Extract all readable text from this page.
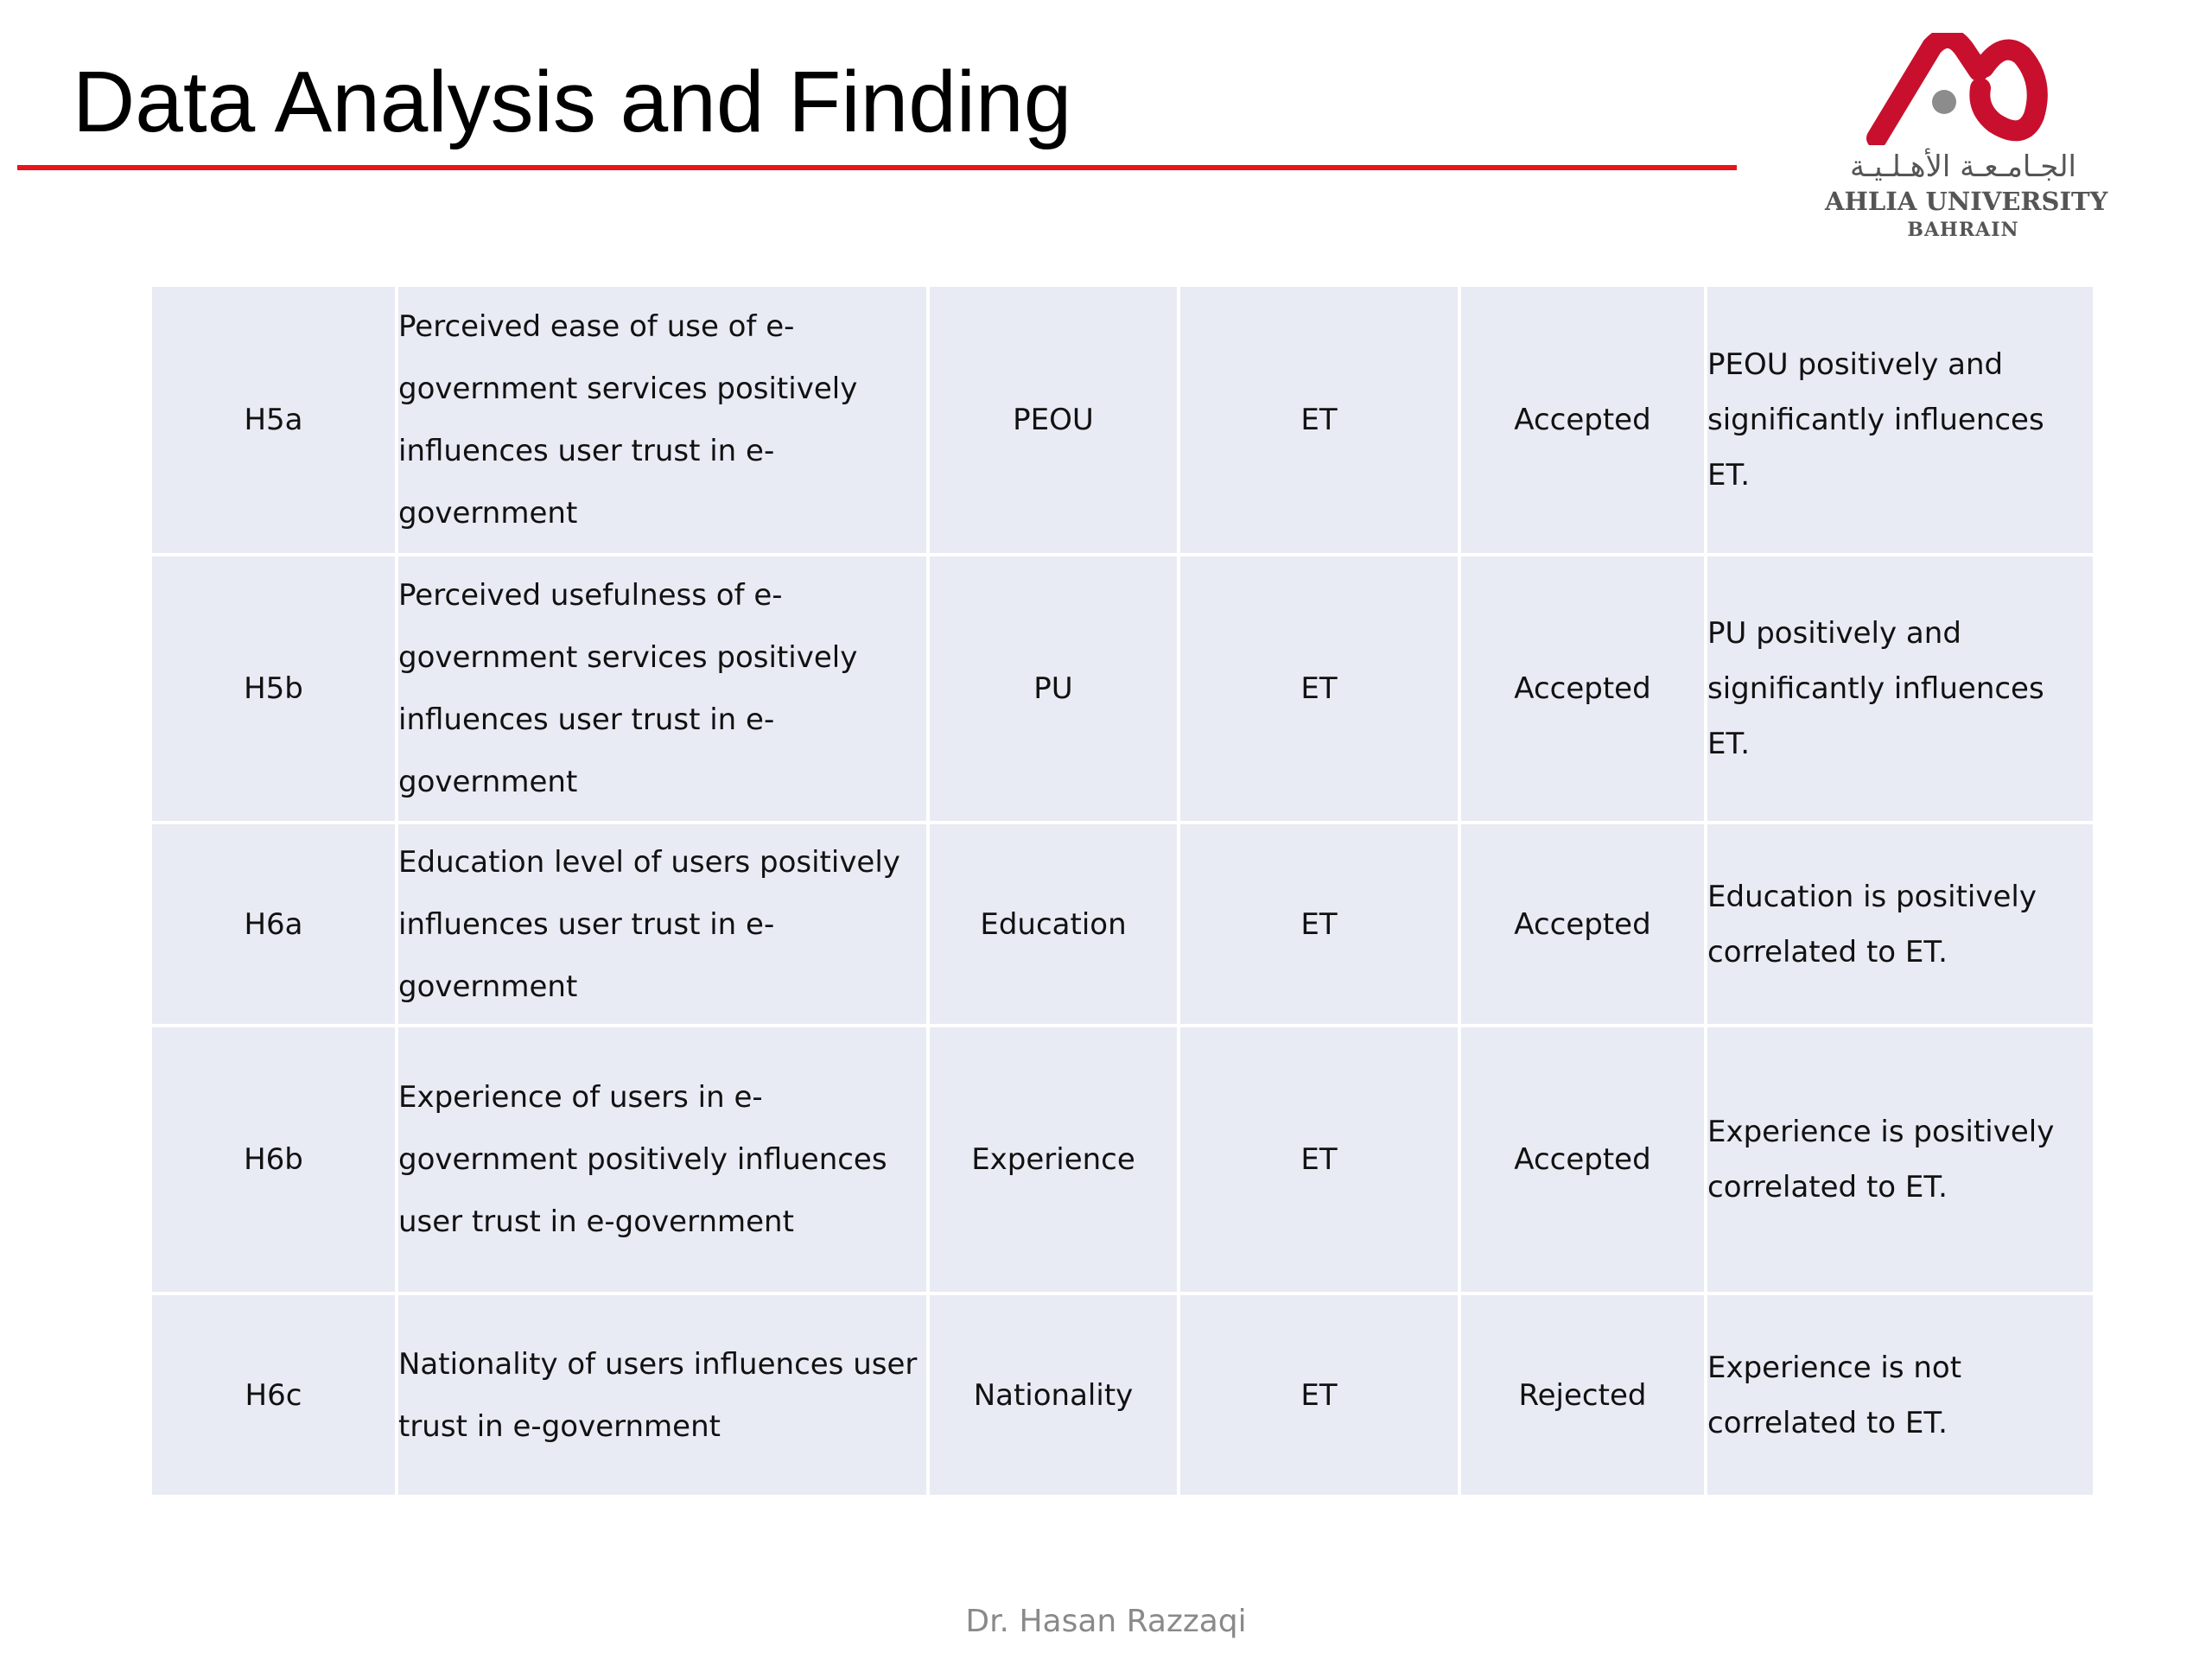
Data Analysis and Finding
الجـامـعـة الأهـلـيـة
AHLIA UNIVERSITY
BAHRAIN
H5a	Perceived ease of use of e-government services positively influences user trust in e-government	PEOU	ET	Accepted	PEOU positively and significantly influences ET.
H5b	Perceived usefulness of e-government services positively influences user trust in e-government	PU	ET	Accepted	PU positively and significantly influences ET.
H6a	Education level of users positively influences user trust in e-government	Education	ET	Accepted	Education is positively correlated to ET.
H6b	Experience of users in e-government positively influences user trust in e-government	Experience	ET	Accepted	Experience is positively correlated to ET.
H6c	Nationality of users influences user trust in e-government	Nationality	ET	Rejected	Experience is not correlated to ET.
Dr. Hasan Razzaqi
